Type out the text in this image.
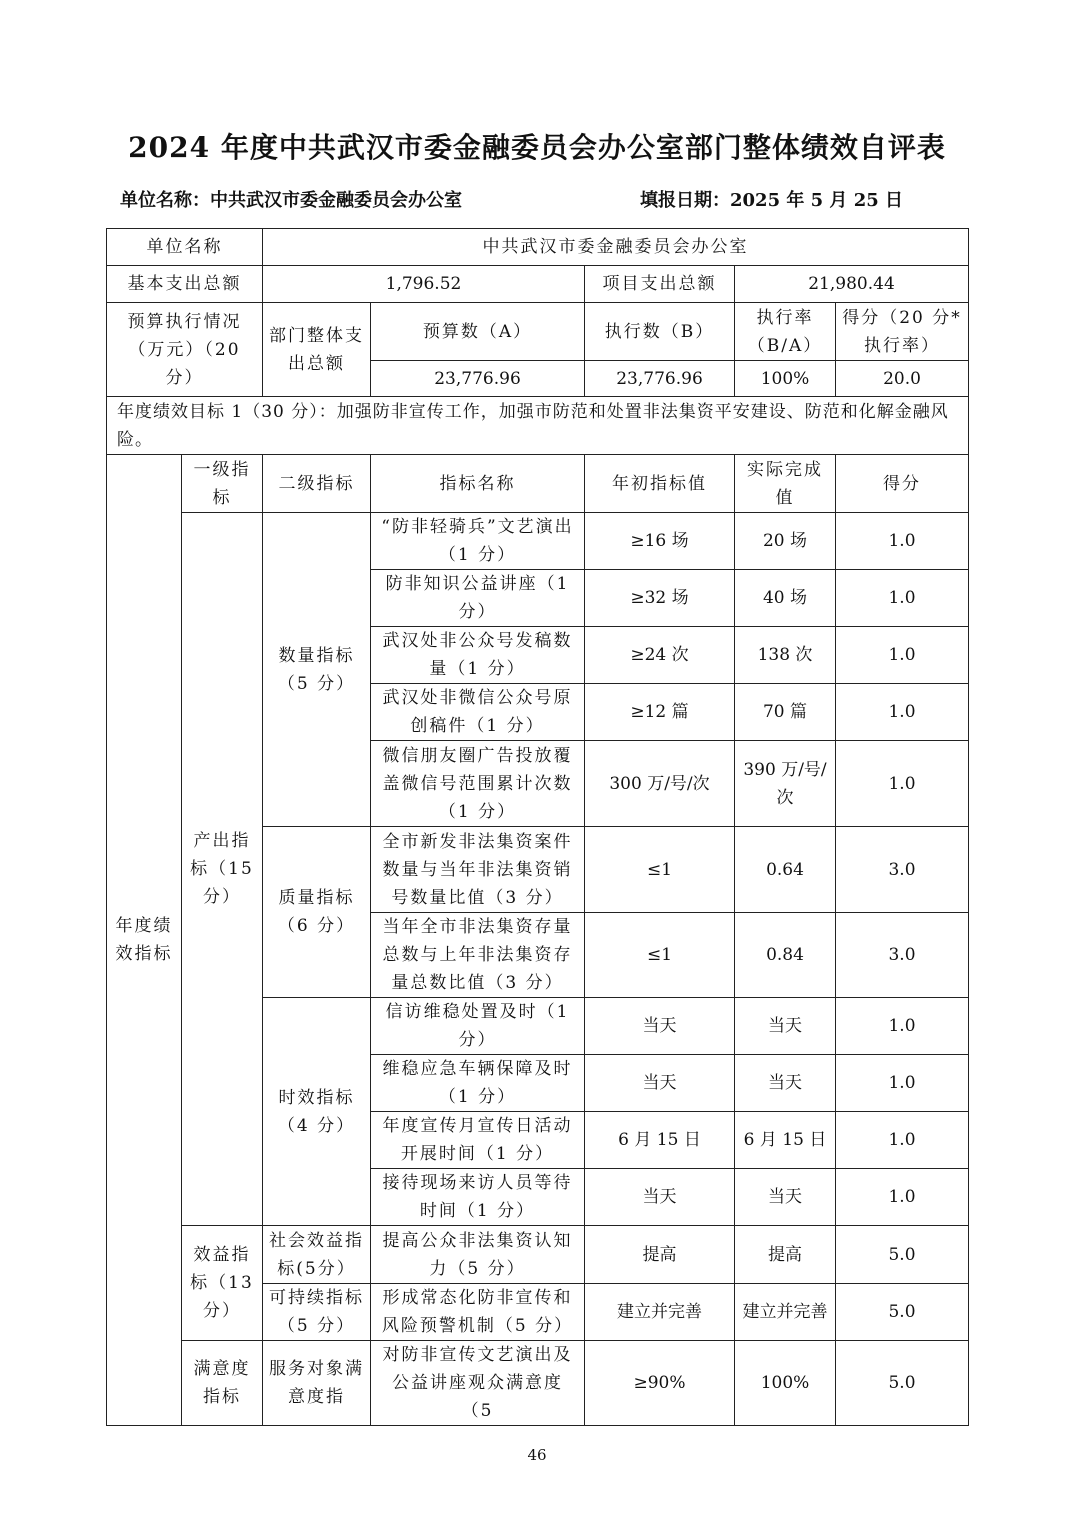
2024 年度中共武汉市委金融委员会办公室部门整体绩效自评表
单位名称：中共武汉市委金融委员会办公室	填报日期：2025 年 5 月 25 日
单位名称		中共武汉市委金融委员会办公室				
基本支出总额		1,796.52		项目支出总额	21,980.44	
预算执行情况（万元）（20 分）		部门整体支出总额	预算数（A）	执行数（B）	执行率（B/A）	得分（20 分*执行率）
			23,776.96	23,776.96	100%	20.0
年度绩效目标 1（30 分）：加强防非宣传工作，加强市防范和处置非法集资平安建设、防范和化解金融风险。						
年度绩效指标	一级指标	二级指标	指标名称	年初指标值	实际完成值	得分
	产出指标（15 分）	数量指标（5 分）	“防非轻骑兵”文艺演出（1 分）	≥16 场	20 场	1.0
			防非知识公益讲座（1 分）	≥32 场	40 场	1.0
			武汉处非公众号发稿数量（1 分）	≥24 次	138 次	1.0
			武汉处非微信公众号原创稿件（1 分）	≥12 篇	70 篇	1.0
			微信朋友圈广告投放覆盖微信号范围累计次数（1 分）	300 万/号/次	390 万/号/次	1.0
		质量指标（6 分）	全市新发非法集资案件数量与当年非法集资销号数量比值（3 分）	≤1	0.64	3.0
			当年全市非法集资存量总数与上年非法集资存量总数比值（3 分）	≤1	0.84	3.0
		时效指标（4 分）	信访维稳处置及时（1 分）	当天	当天	1.0
			维稳应急车辆保障及时（1 分）	当天	当天	1.0
			年度宣传月宣传日活动开展时间（1 分）	6 月 15 日	6 月 15 日	1.0
			接待现场来访人员等待时间（1 分）	当天	当天	1.0
	效益指标（13 分）	社会效益指标(5分）	提高公众非法集资认知力（5 分）	提高	提高	5.0
		可持续指标（5 分）	形成常态化防非宣传和风险预警机制（5 分）	建立并完善	建立并完善	5.0
	满意度指标	服务对象满意度指	对防非宣传文艺演出及公益讲座观众满意度（5	≥90%	100%	5.0
46
